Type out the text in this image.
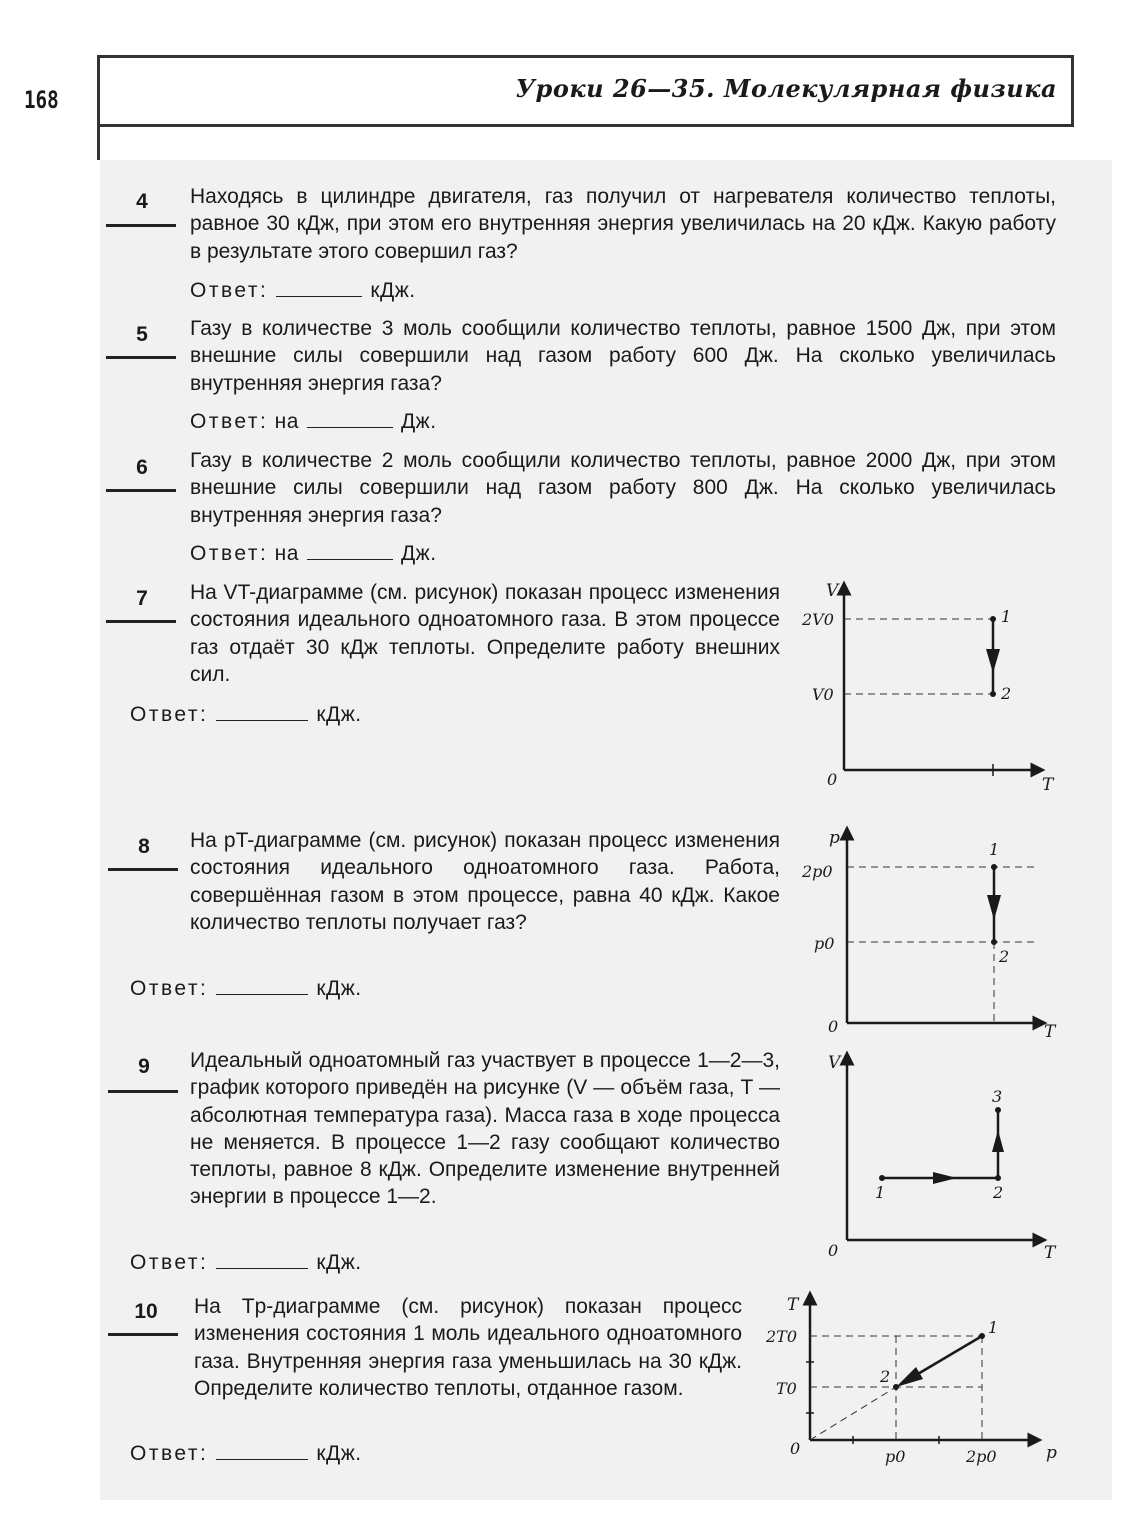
168	Уроки 26—35. Молекулярная физика
4	Находясь в цилиндре двигателя, газ получил от нагревателя количество теплоты, равное 30 кДж, при этом его внутренняя энергия увеличилась на 20 кДж. Какую работу в результате этого совершил газ?
Ответ:	кДж.
5	Газу в количестве 3 моль сообщили количество теплоты, равное 1500 Дж, при этом внешние силы совершили над газом работу 600 Дж. На сколько увеличилась внутренняя энергия газа?
Ответ: на	Дж.
6	Газу в количестве 2 моль сообщили количество теплоты, равное 2000 Дж, при этом внешние силы совершили над газом работу 800 Дж. На сколько увеличилась внутренняя энергия газа?
Ответ: на	Дж.
7	На VT-диаграмме (см. рисунок) показан процесс изменения состояния идеального одноатомного газа. В этом процессе газ отдаёт 30 кДж теплоты. Определите работу внешних сил.
Ответ:	кДж.
V
T
0
2V0
V0
1
2
8	На pT-диаграмме (см. рисунок) показан процесс изменения состояния идеального одноатомного газа. Работа, совершённая газом в этом процессе, равна 40 кДж. Какое количество теплоты получает газ?
Ответ:	кДж.
p
T
0
2p0
p0
1
2
9	Идеальный одноатомный газ участвует в процессе 1—2—3, график которого приведён на рисунке (V — объём газа, T — абсолютная температура газа). Масса газа в ходе процесса не меняется. В процессе 1—2 газу сообщают количество теплоты, равное 8 кДж. Определите изменение внутренней энергии в процессе 1—2.
Ответ:	кДж.
V
T
0
1	2
3
10	На Tp-диаграмме (см. рисунок) показан процесс изменения состояния 1 моль идеального одноатомного газа. Внутренняя энергия газа уменьшилась на 30 кДж. Определите количество теплоты, отданное газом.
Ответ:	кДж.
T
p
0
2T0
T0
p0	2p0
1
2
